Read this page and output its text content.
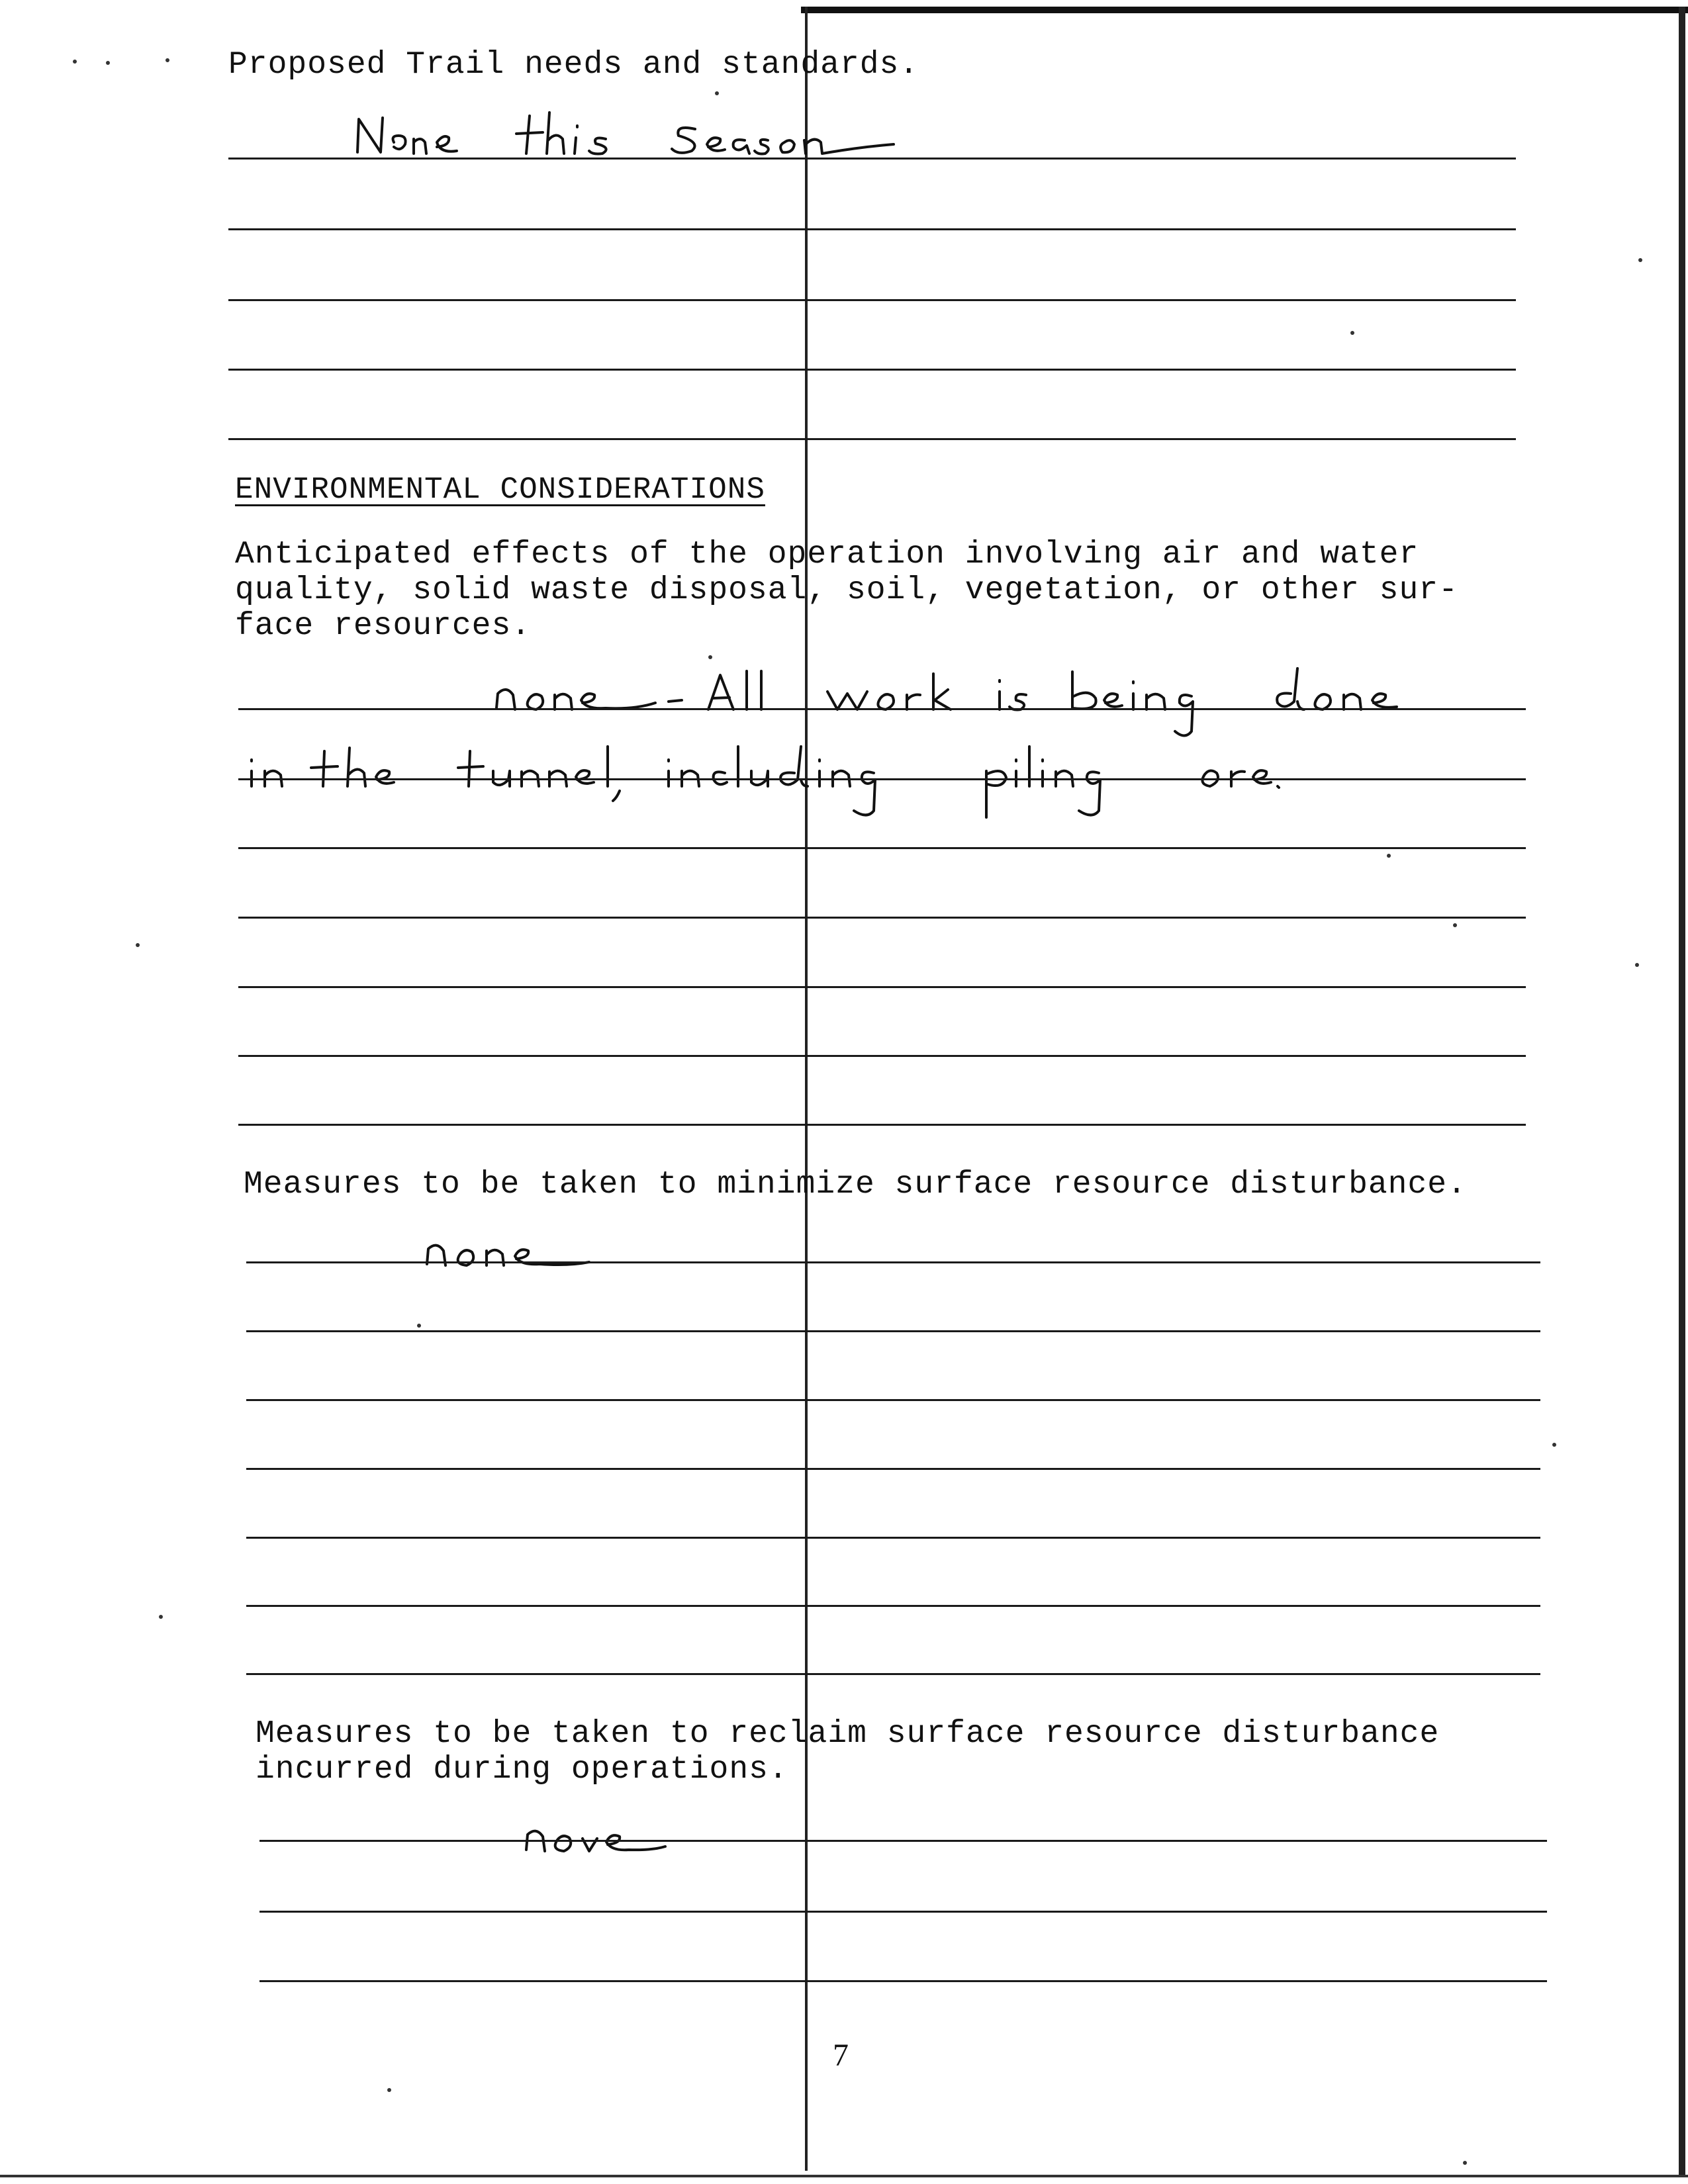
Proposed Trail needs and standards.

ENVIRONMENTAL CONSIDERATIONS

Anticipated effects of the operation involving air and water

quality, solid waste disposal, soil, vegetation, or other sur-

face resources.

Measures to be taken to minimize surface resource disturbance.

Measures to be taken to reclaim surface resource disturbance

incurred during operations.

7
